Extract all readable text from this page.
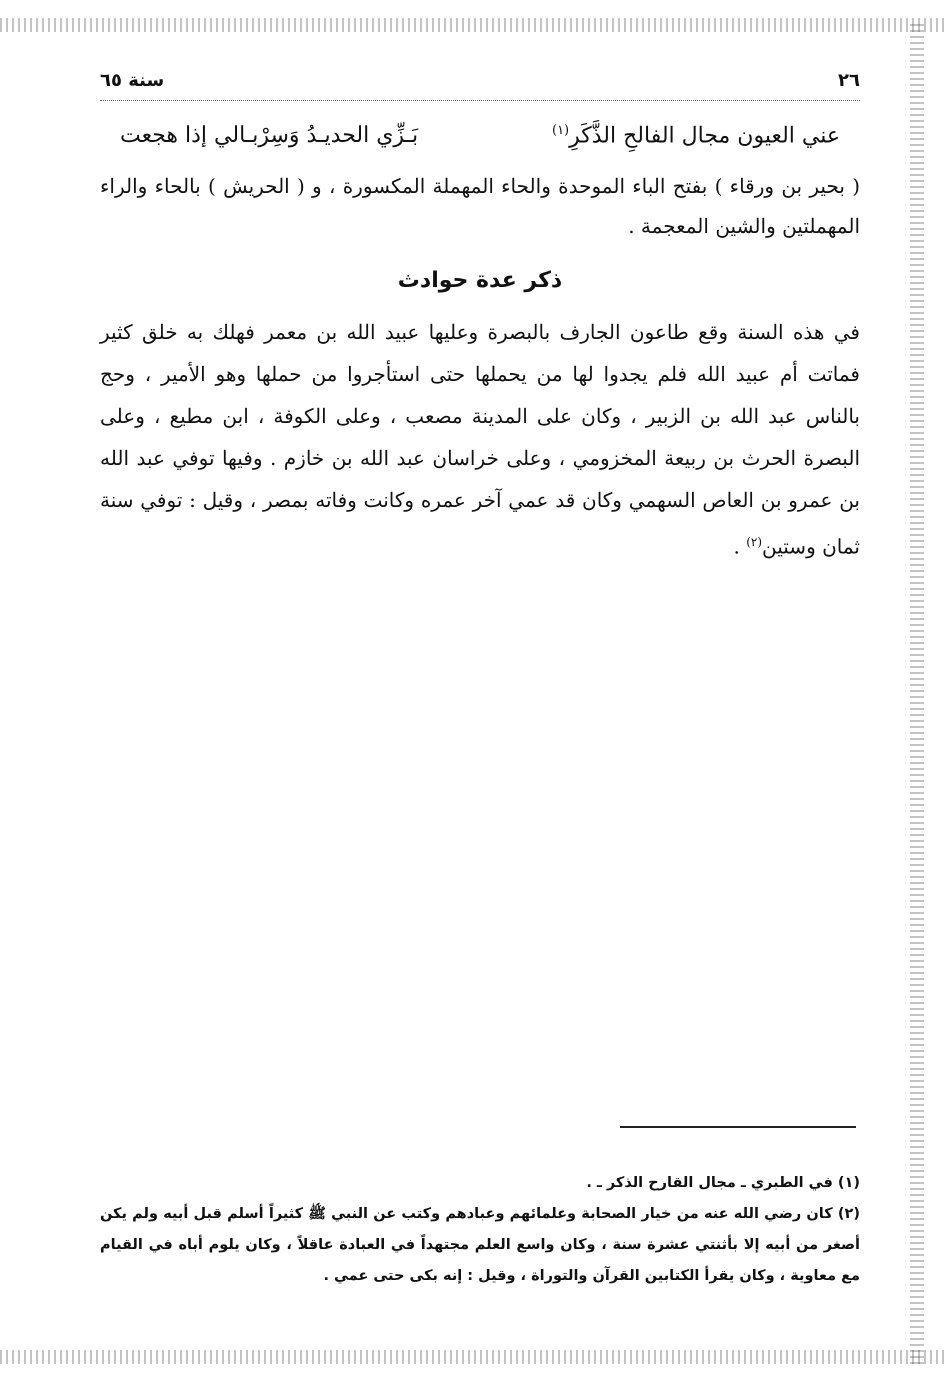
٢٦
سنة ٦٥
عني العيون مجال الفالحِ الذَّكَرِ$^{(١)}$
بَـزِّي الحديـدُ وَسِرْبـالي إذا هجعت
( بحير بن ورقاء ) بفتح الباء الموحدة والحاء المهملة المكسورة ، و ( الحريش ) بالحاء والراء المهملتين والشين المعجمة .
ذكر عدة حوادث
في هذه السنة وقع طاعون الجارف بالبصرة وعليها عبيد الله بن معمر فهلك به خلق كثير فماتت أم عبيد الله فلم يجدوا لها من يحملها حتى استأجروا من حملها وهو الأمير ، وحج بالناس عبد الله بن الزبير ، وكان على المدينة مصعب ، وعلى الكوفة ، ابن مطيع ، وعلى البصرة الحرث بن ربيعة المخزومي ، وعلى خراسان عبد الله بن خازم . وفيها توفي عبد الله بن عمرو بن العاص السهمي وكان قد عمي آخر عمره وكانت وفاته بمصر ، وقيل : توفي سنة ثمان وستين$^{(٢)}$ .
(١) في الطبري ـ مجال القارح الذكر ـ .
(٢) كان رضي الله عنه من خيار الصحابة وعلمائهم وعبادهم وكتب عن النبي ﷺ كثيراً أسلم قبل أبيه ولم يكن أصغر من أبيه إلا بأثنتي عشرة سنة ، وكان واسع العلم مجتهداً في العبادة عاقلاً ، وكان يلوم أباه في القيام مع معاوية ، وكان يقرأ الكتابين القرآن والتوراة ، وقيل : إنه بكى حتى عمي .
